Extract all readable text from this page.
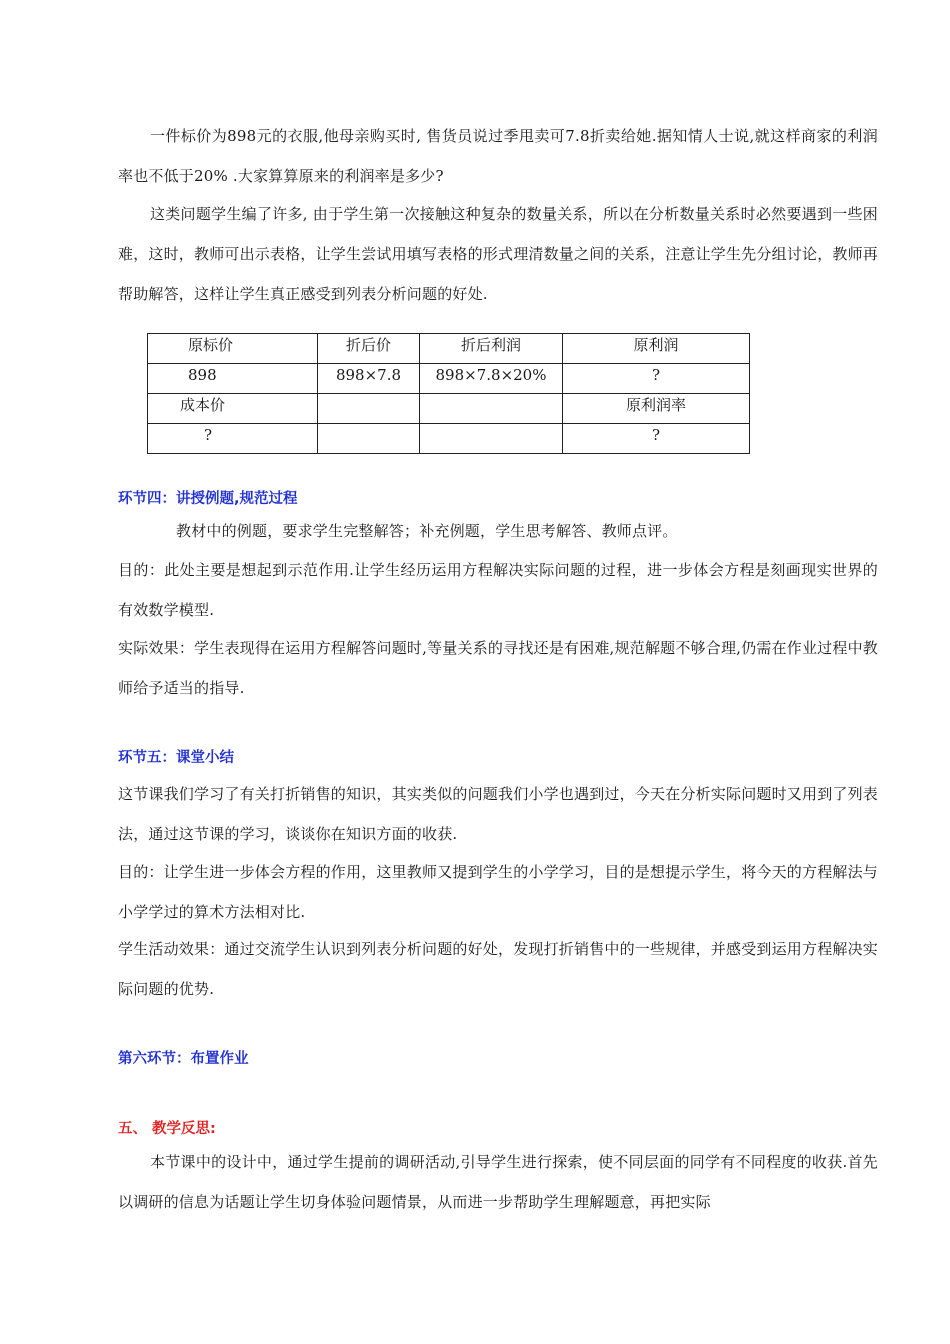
一件标价为898元的衣服,他母亲购买时, 售货员说过季甩卖可7.8折卖给她.据知情人士说,就这样商家的利润率也不低于20% .大家算算原来的利润率是多少?

这类问题学生编了许多, 由于学生第一次接触这种复杂的数量关系，所以在分析数量关系时必然要遇到一些困难，这时，教师可出示表格，让学生尝试用填写表格的形式理清数量之间的关系，注意让学生先分组讨论，教师再帮助解答，这样让学生真正感受到列表分析问题的好处.

原标价	折后价	折后利润	原利润
898	898×7.8	898×7.8×20%	?
成本价			原利润率
?			?
环节四：讲授例题,规范过程

教材中的例题，要求学生完整解答；补充例题，学生思考解答、教师点评。

目的：此处主要是想起到示范作用.让学生经历运用方程解决实际问题的过程，进一步体会方程是刻画现实世界的有效数学模型.

实际效果：学生表现得在运用方程解答问题时,等量关系的寻找还是有困难,规范解题不够合理,仍需在作业过程中教师给予适当的指导.

环节五：课堂小结

这节课我们学习了有关打折销售的知识，其实类似的问题我们小学也遇到过，今天在分析实际问题时又用到了列表法，通过这节课的学习，谈谈你在知识方面的收获.

目的：让学生进一步体会方程的作用，这里教师又提到学生的小学学习，目的是想提示学生，将今天的方程解法与小学学过的算术方法相对比.

学生活动效果：通过交流学生认识到列表分析问题的好处，发现打折销售中的一些规律，并感受到运用方程解决实际问题的优势.

第六环节：布置作业
五、 教学反思:

本节课中的设计中，通过学生提前的调研活动,引导学生进行探索，使不同层面的同学有不同程度的收获.首先以调研的信息为话题让学生切身体验问题情景，从而进一步帮助学生理解题意，再把实际
